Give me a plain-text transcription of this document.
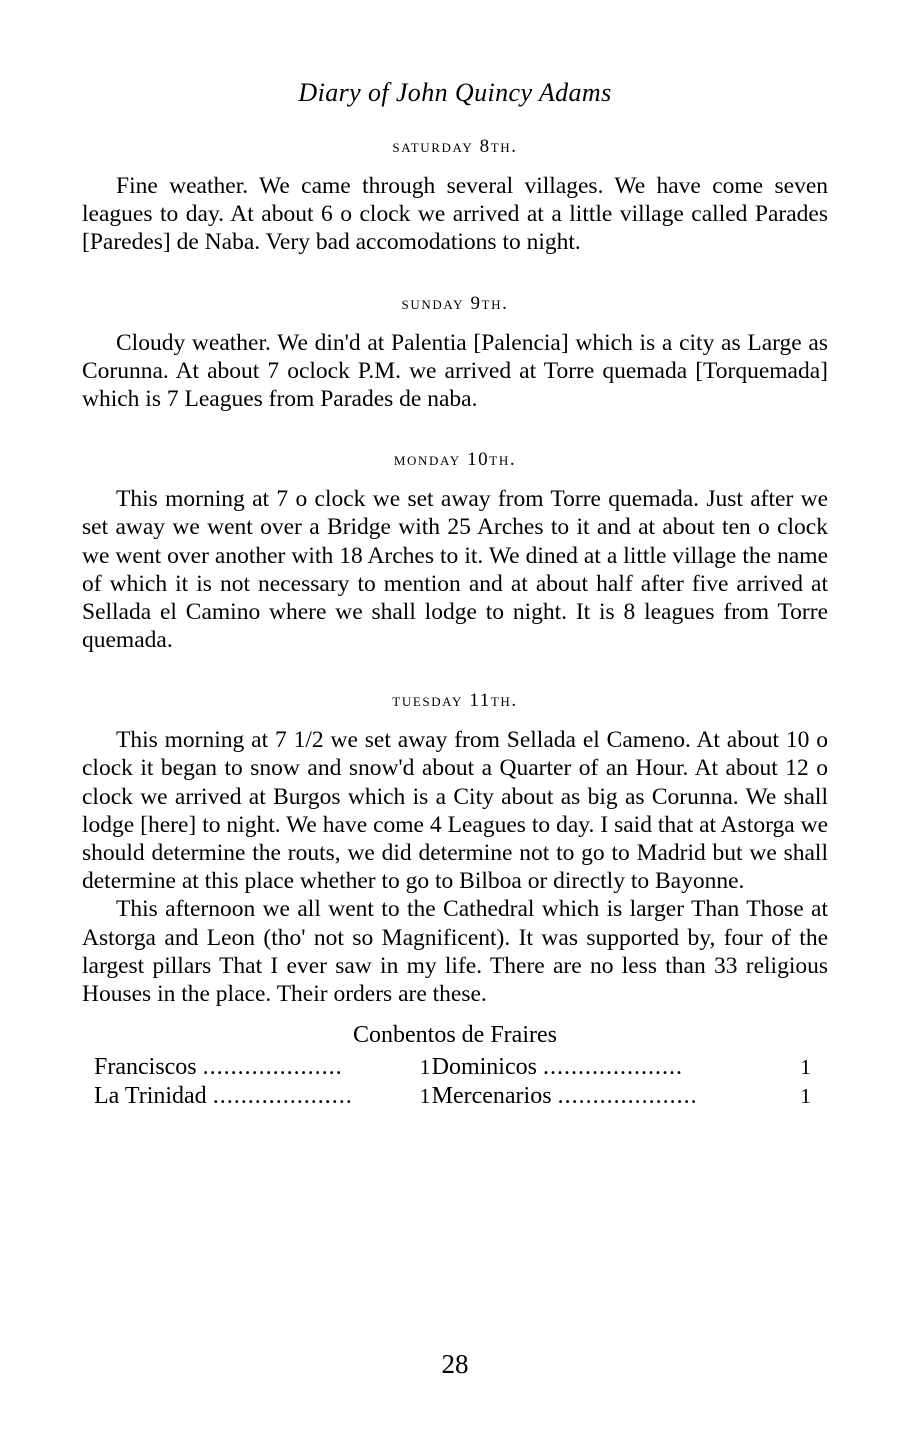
Diary of John Quincy Adams
saturday 8th.

Fine weather. We came through several villages. We have come seven leagues to day. At about 6 o clock we arrived at a little village called Parades [Paredes] de Naba. Very bad accomodations to night.

sunday 9th.

Cloudy weather. We din'd at Palentia [Palencia] which is a city as Large as Corunna. At about 7 oclock P.M. we arrived at Torre quemada [Torquemada] which is 7 Leagues from Parades de naba.

monday 10th.

This morning at 7 o clock we set away from Torre quemada. Just after we set away we went over a Bridge with 25 Arches to it and at about ten o clock we went over another with 18 Arches to it. We dined at a little village the name of which it is not necessary to mention and at about half after five arrived at Sellada el Camino where we shall lodge to night. It is 8 leagues from Torre quemada.

tuesday 11th.

This morning at 7 1/2 we set away from Sellada el Cameno. At about 10 o clock it began to snow and snow'd about a Quarter of an Hour. At about 12 o clock we arrived at Burgos which is a City about as big as Corunna. We shall lodge [here] to night. We have come 4 Leagues to day. I said that at Astorga we should determine the routs, we did determine not to go to Madrid but we shall determine at this place whether to go to Bilboa or directly to Bayonne.

This afternoon we all went to the Cathedral which is larger Than Those at Astorga and Leon (tho' not so Magnificent). It was supported by, four of the largest pillars That I ever saw in my life. There are no less than 33 religious Houses in the place. Their orders are these.

Conbentos de Fraires
Franciscos ....................	1	Dominicos ....................	1
La Trinidad ....................	1	Mercenarios ....................	1
28
